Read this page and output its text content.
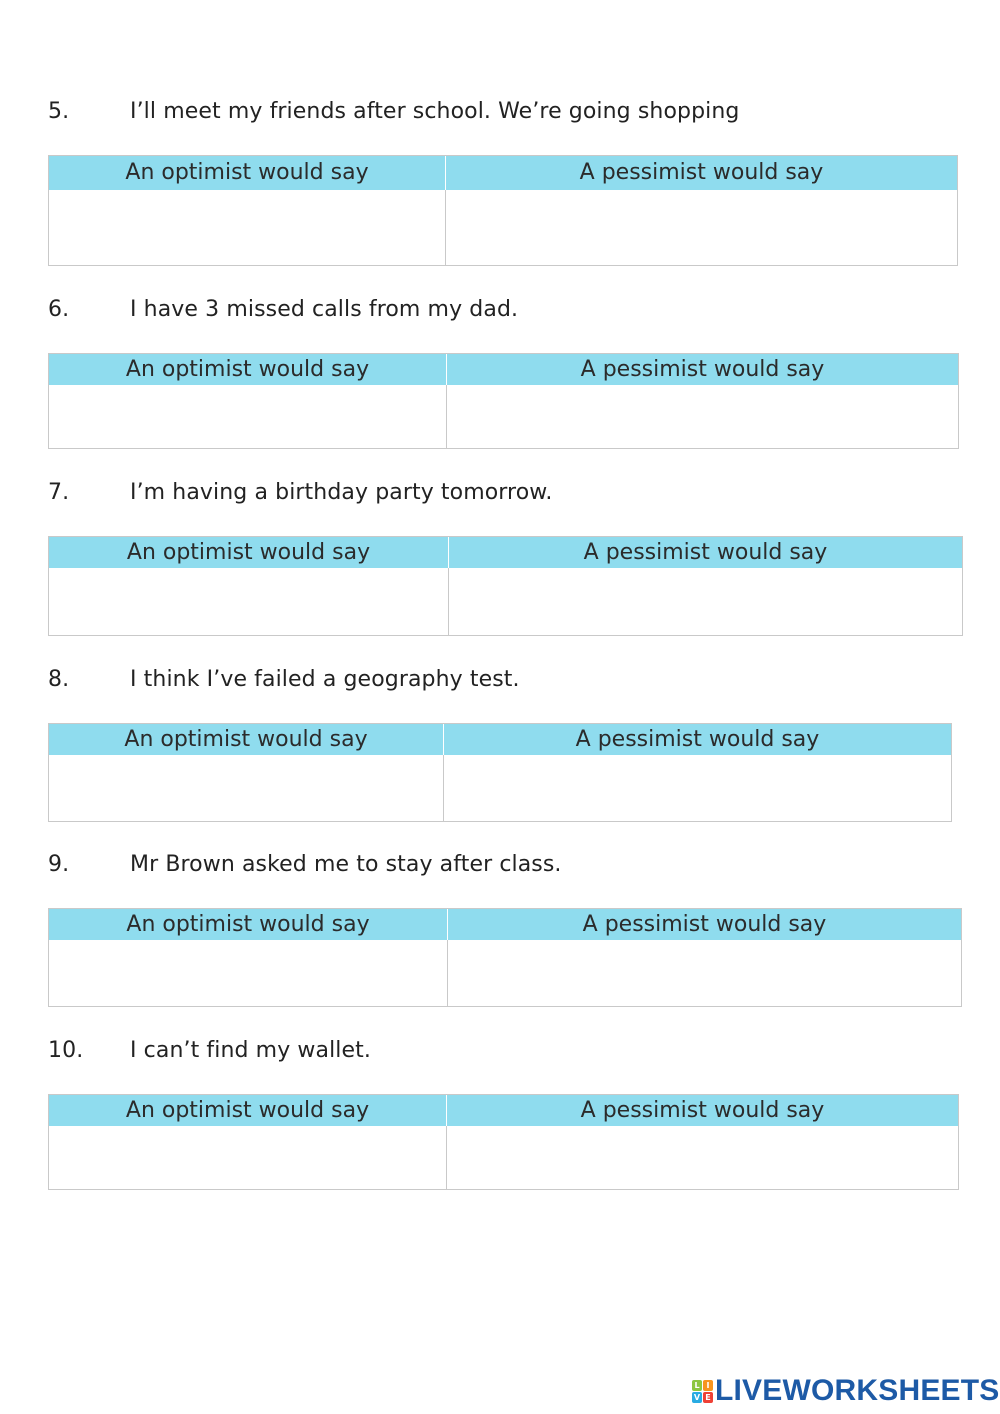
5.	I’ll meet my friends after school. We’re going shopping
An optimist would say	A pessimist would say
6.	I have 3 missed calls from my dad.
An optimist would say	A pessimist would say
7.	I’m having a birthday party tomorrow.
An optimist would say	A pessimist would say
8.	I think I’ve failed a geography test.
An optimist would say	A pessimist would say
9.	Mr Brown asked me to stay after class.
An optimist would say	A pessimist would say
10. I can’t find my wallet.
An optimist would say	A pessimist would say
L I
V E LIVEWORKSHEETS
